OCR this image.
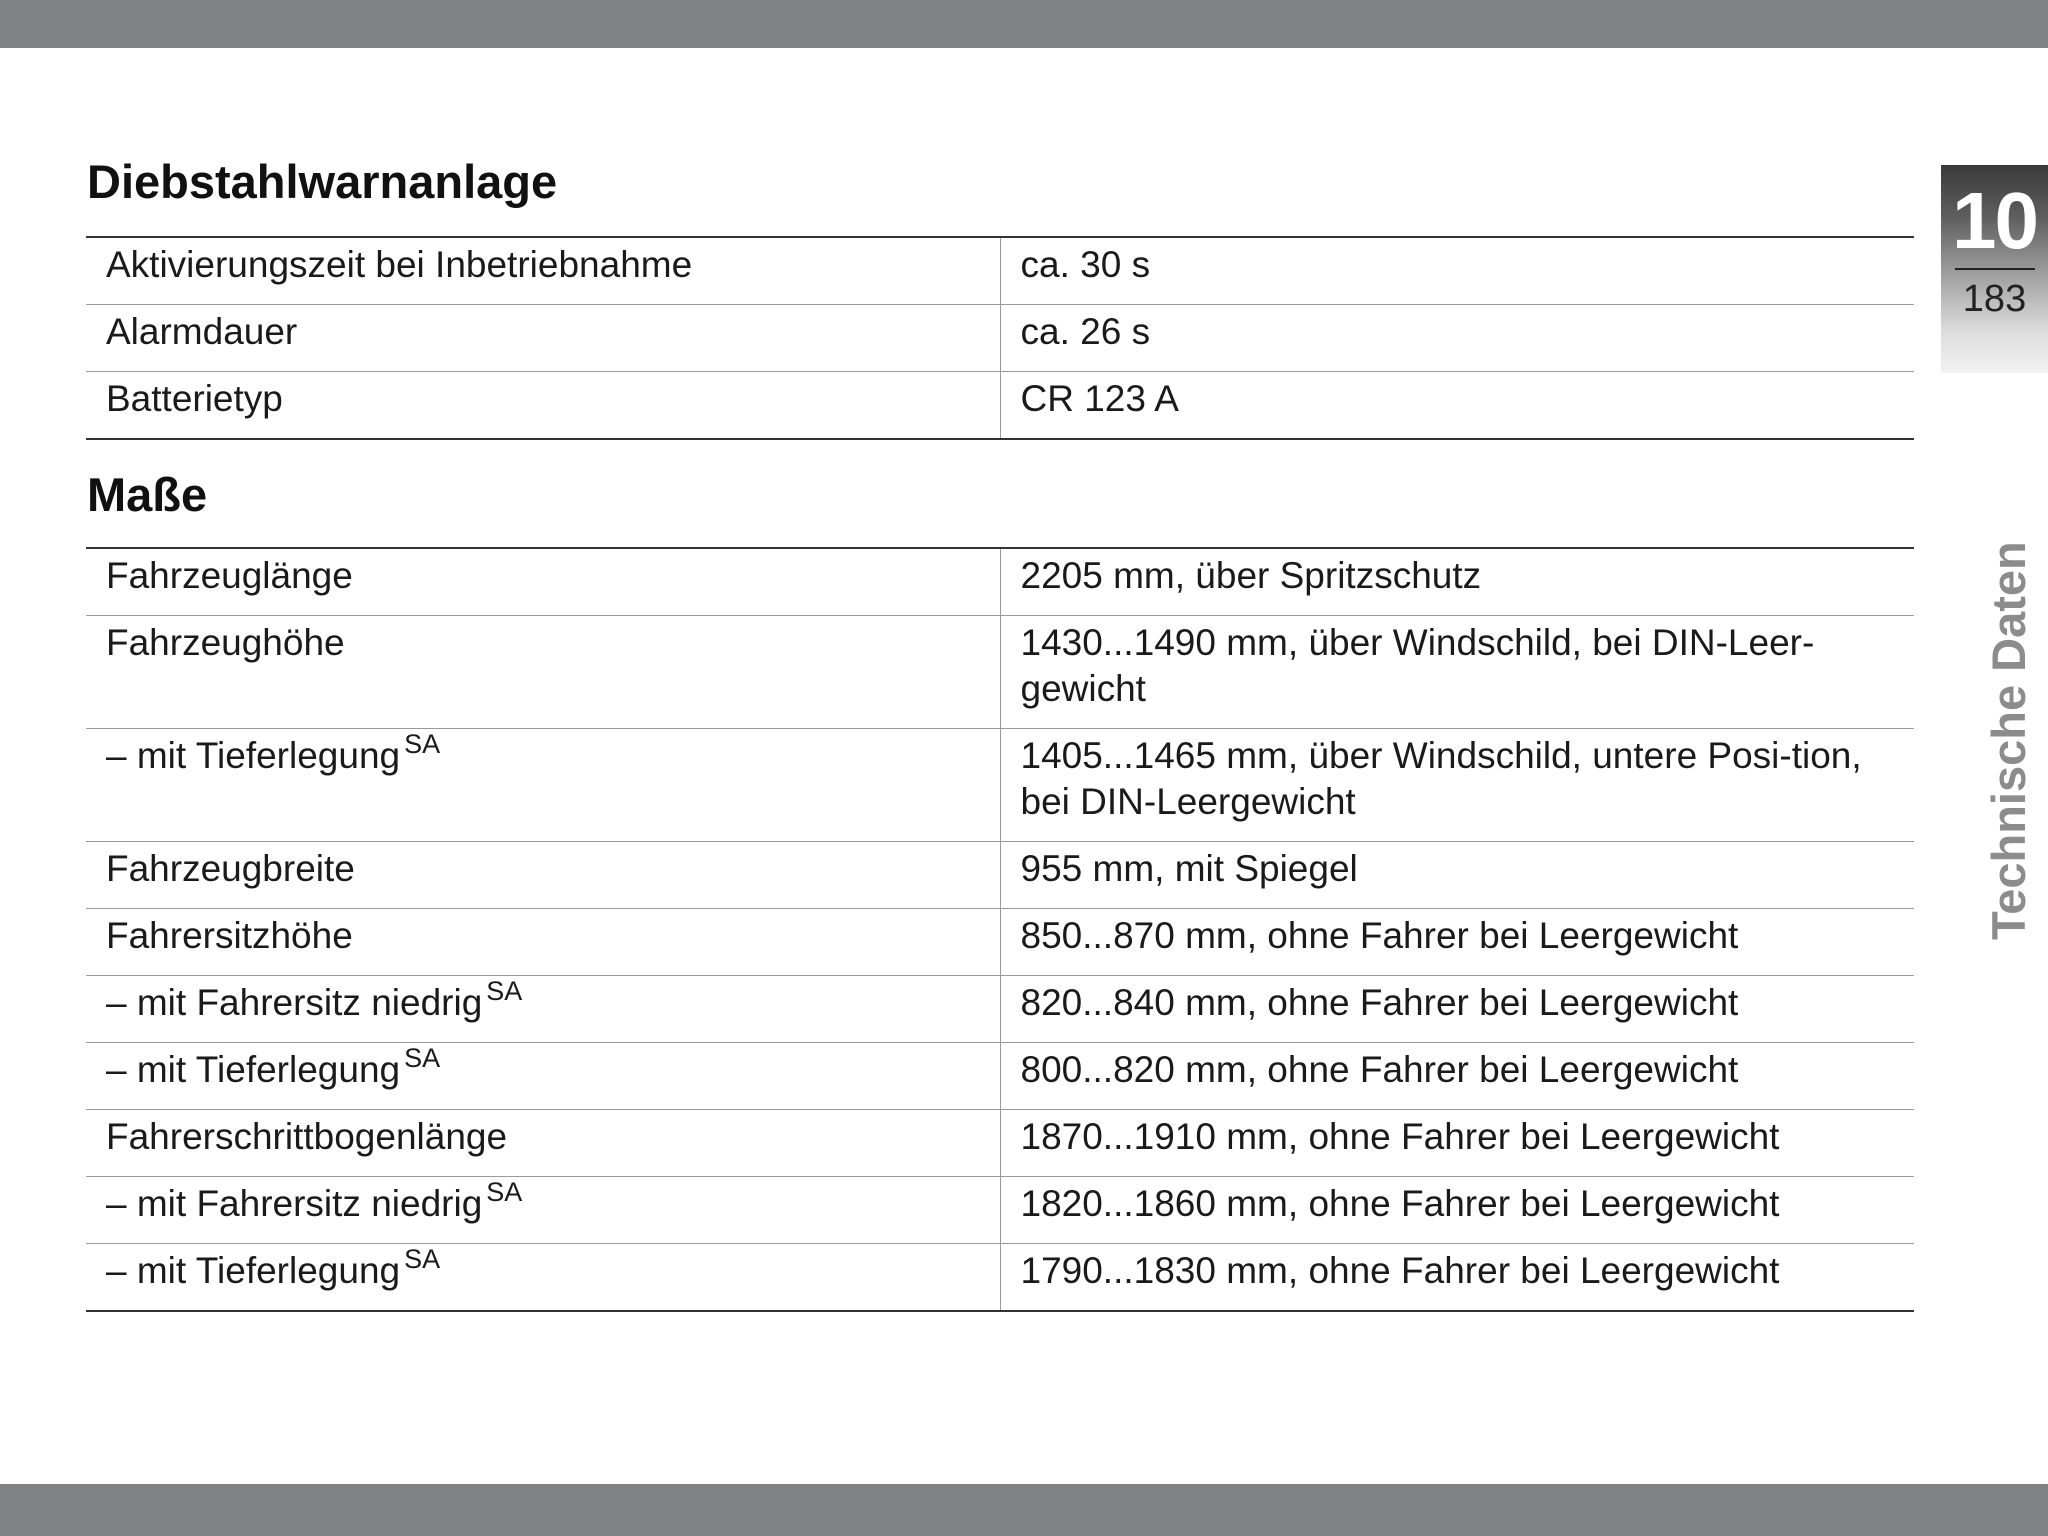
Diebstahlwarnanlage
Aktivierungszeit bei Inbetriebnahme	ca. 30 s
Alarmdauer	ca. 26 s
Batterietyp	CR 123 A
Maße
Fahrzeuglänge	2205 mm, über Spritzschutz
Fahrzeughöhe	1430...1490 mm, über Windschild, bei DIN-Leer-gewicht
– mit Tieferlegung $^{SA}$	1405...1465 mm, über Windschild, untere Posi-tion, bei DIN-Leergewicht
Fahrzeugbreite	955 mm, mit Spiegel
Fahrersitzhöhe	850...870 mm, ohne Fahrer bei Leergewicht
– mit Fahrersitz niedrig $^{SA}$	820...840 mm, ohne Fahrer bei Leergewicht
– mit Tieferlegung $^{SA}$	800...820 mm, ohne Fahrer bei Leergewicht
Fahrerschrittbogenlänge	1870...1910 mm, ohne Fahrer bei Leergewicht
– mit Fahrersitz niedrig $^{SA}$	1820...1860 mm, ohne Fahrer bei Leergewicht
– mit Tieferlegung $^{SA}$	1790...1830 mm, ohne Fahrer bei Leergewicht
10
183
Technische Daten
